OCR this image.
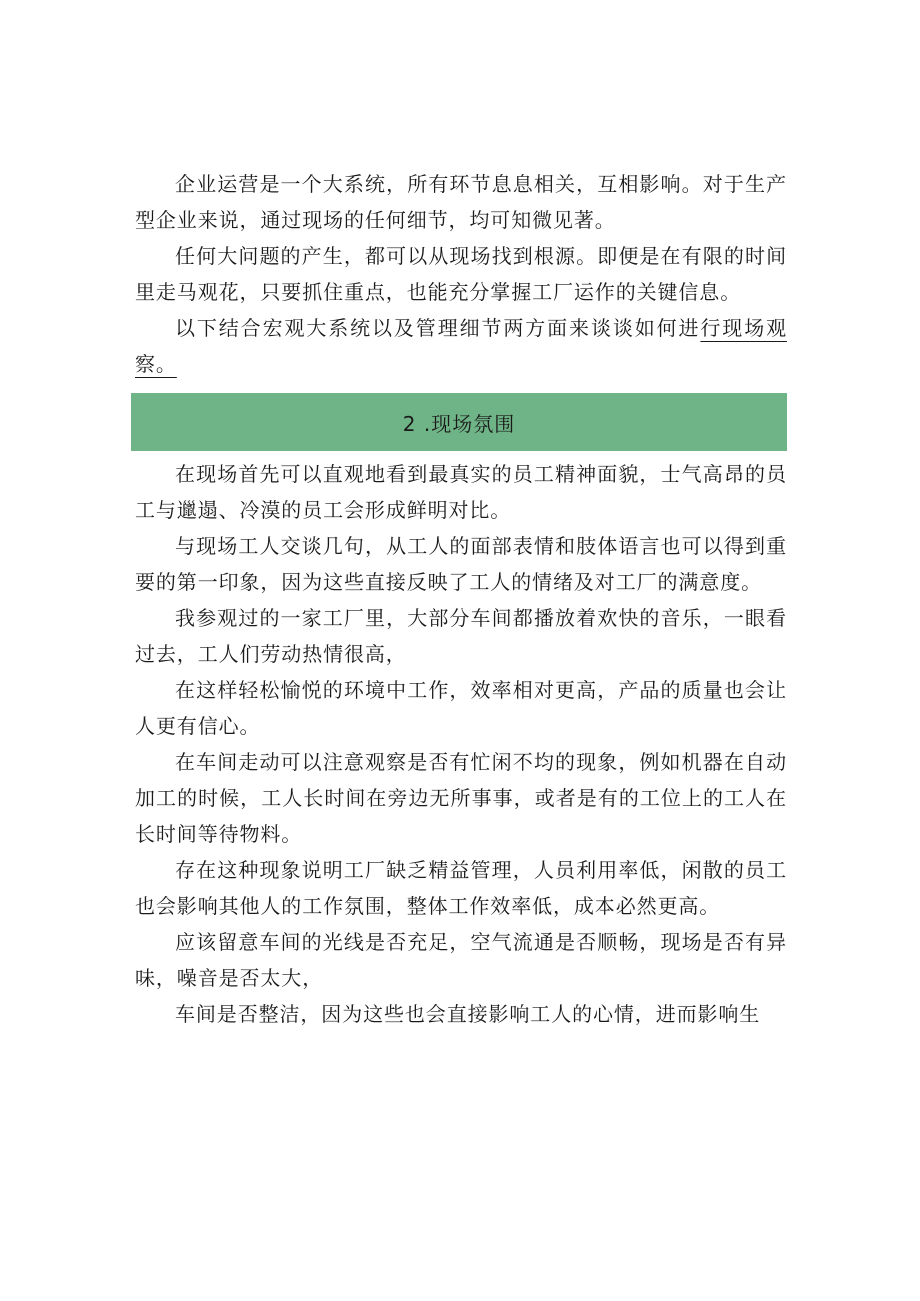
企业运营是一个大系统，所有环节息息相关，互相影响。对于生产型企业来说，通过现场的任何细节，均可知微见著。

任何大问题的产生，都可以从现场找到根源。即便是在有限的时间里走马观花，只要抓住重点，也能充分掌握工厂运作的关键信息。

以下结合宏观大系统以及管理细节两方面来谈谈如何进行现场观察。

2 .现场氛围

在现场首先可以直观地看到最真实的员工精神面貌，士气高昂的员工与邋遢、冷漠的员工会形成鲜明对比。

与现场工人交谈几句，从工人的面部表情和肢体语言也可以得到重要的第一印象，因为这些直接反映了工人的情绪及对工厂的满意度。

我参观过的一家工厂里，大部分车间都播放着欢快的音乐，一眼看过去，工人们劳动热情很高，

在这样轻松愉悦的环境中工作，效率相对更高，产品的质量也会让人更有信心。

在车间走动可以注意观察是否有忙闲不均的现象，例如机器在自动加工的时候，工人长时间在旁边无所事事，或者是有的工位上的工人在长时间等待物料。

存在这种现象说明工厂缺乏精益管理，人员利用率低，闲散的员工也会影响其他人的工作氛围，整体工作效率低，成本必然更高。

应该留意车间的光线是否充足，空气流通是否顺畅，现场是否有异味，噪音是否太大，

车间是否整洁，因为这些也会直接影响工人的心情，进而影响生
